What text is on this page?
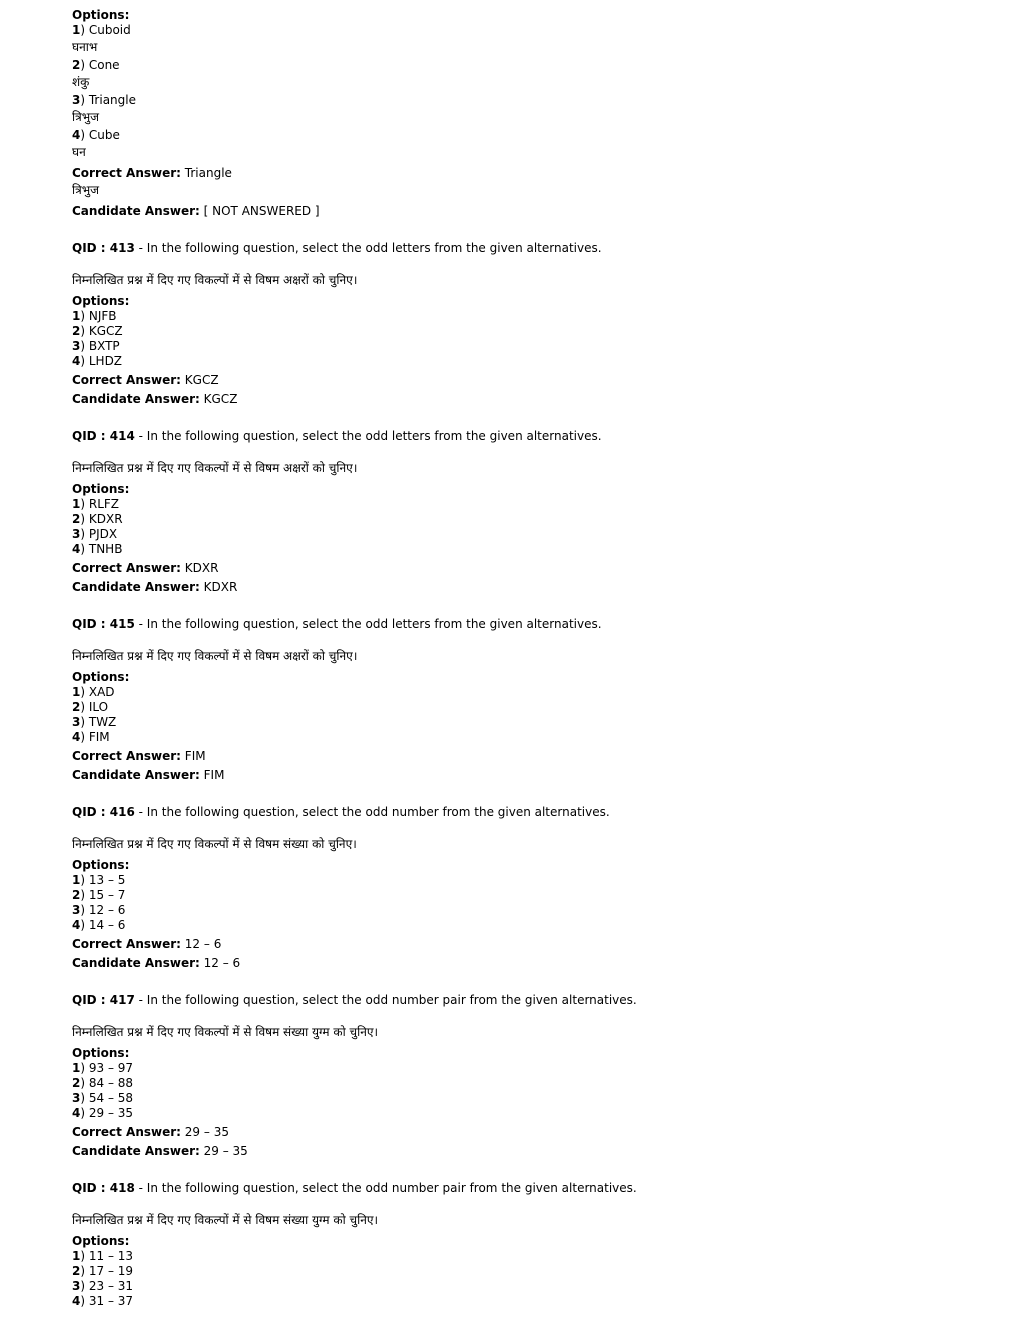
Options:
1) Cuboid
घनाभ
2) Cone
शंकु
3) Triangle
त्रिभुज
4) Cube
घन
Correct Answer: Triangle
त्रिभुज
Candidate Answer: [ NOT ANSWERED ]
QID : 413 - In the following question, select the odd letters from the given alternatives.
निम्नलिखित प्रश्न में दिए गए विकल्पों में से विषम अक्षरों को चुनिए।
Options:
1) NJFB
2) KGCZ
3) BXTP
4) LHDZ
Correct Answer: KGCZ
Candidate Answer: KGCZ
QID : 414 - In the following question, select the odd letters from the given alternatives.
निम्नलिखित प्रश्न में दिए गए विकल्पों में से विषम अक्षरों को चुनिए।
Options:
1) RLFZ
2) KDXR
3) PJDX
4) TNHB
Correct Answer: KDXR
Candidate Answer: KDXR
QID : 415 - In the following question, select the odd letters from the given alternatives.
निम्नलिखित प्रश्न में दिए गए विकल्पों में से विषम अक्षरों को चुनिए।
Options:
1) XAD
2) ILO
3) TWZ
4) FIM
Correct Answer: FIM
Candidate Answer: FIM
QID : 416 - In the following question, select the odd number from the given alternatives.
निम्नलिखित प्रश्न में दिए गए विकल्पों में से विषम संख्या को चुनिए।
Options:
1) 13 – 5
2) 15 – 7
3) 12 – 6
4) 14 – 6
Correct Answer: 12 – 6
Candidate Answer: 12 – 6
QID : 417 - In the following question, select the odd number pair from the given alternatives.
निम्नलिखित प्रश्न में दिए गए विकल्पों में से विषम संख्या युग्म को चुनिए।
Options:
1) 93 – 97
2) 84 – 88
3) 54 – 58
4) 29 – 35
Correct Answer: 29 – 35
Candidate Answer: 29 – 35
QID : 418 - In the following question, select the odd number pair from the given alternatives.
निम्नलिखित प्रश्न में दिए गए विकल्पों में से विषम संख्या युग्म को चुनिए।
Options:
1) 11 – 13
2) 17 – 19
3) 23 – 31
4) 31 – 37
